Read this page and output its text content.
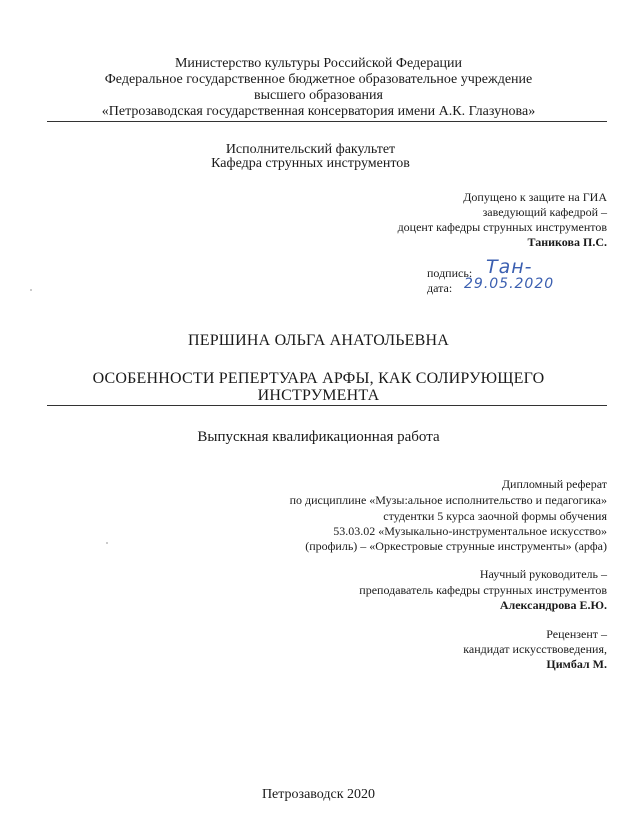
Министерство культуры Российской Федерации
Федеральное государственное бюджетное образовательное учреждение
высшего образования
«Петрозаводская государственная консерватория имени А.К. Глазунова»
Исполнительский факультет
Кафедра струнных инструментов
Допущено к защите на ГИА
заведующий кафедрой –
доцент кафедры струнных инструментов
Таникова П.С.
подпись: Тан-
дата: 29.05.2020
ПЕРШИНА ОЛЬГА АНАТОЛЬЕВНА
ОСОБЕННОСТИ РЕПЕРТУАРА АРФЫ, КАК СОЛИРУЮЩЕГО
ИНСТРУМЕНТА
Выпускная квалификационная работа
Дипломный реферат
по дисциплине «Музы:альное исполнительство и педагогика»
студентки 5 курса заочной формы обучения
53.03.02 «Музыкально-инструментальное искусство»
(профиль) – «Оркестровые струнные инструменты» (арфа)
Научный руководитель –
преподаватель кафедры струнных инструментов
Александрова Е.Ю.
Рецензент –
кандидат искусствоведения,
Цимбал М.
Петрозаводск 2020
